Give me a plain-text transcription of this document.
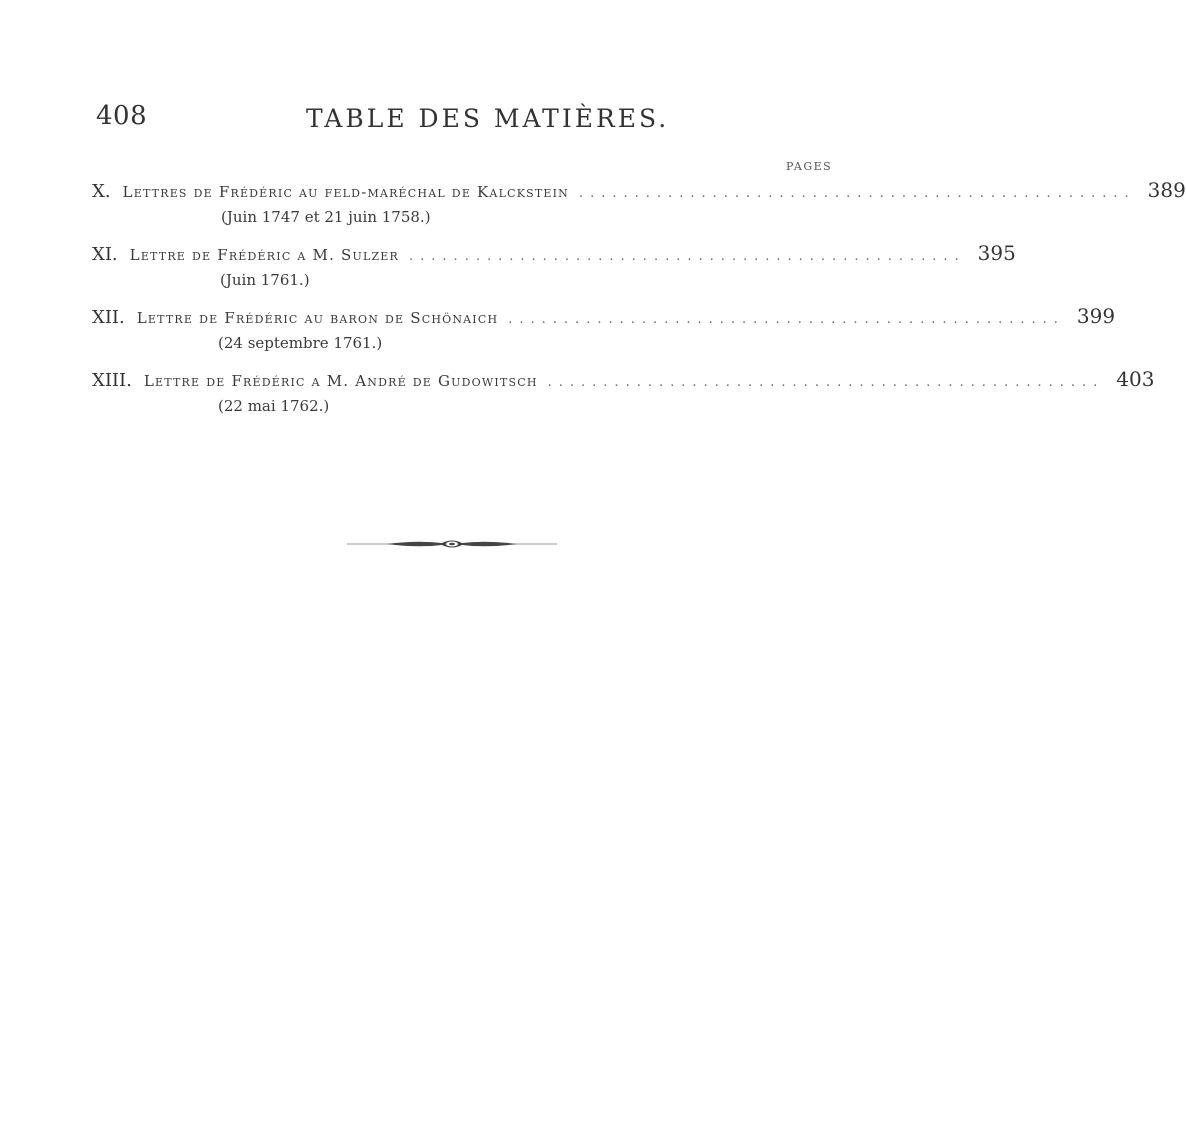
408	TABLE DES MATIÈRES.
PAGES
X. Lettres de Frédéric au feld-maréchal de Kalckstein .................................................. 389
(Juin 1747 et 21 juin 1758.)
XI. Lettre de Frédéric a M. Sulzer .................................................. 395
(Juin 1761.)
XII. Lettre de Frédéric au baron de Schönaich .................................................. 399
(24 septembre 1761.)
XIII. Lettre de Frédéric a M. André de Gudowitsch .................................................. 403
(22 mai 1762.)
